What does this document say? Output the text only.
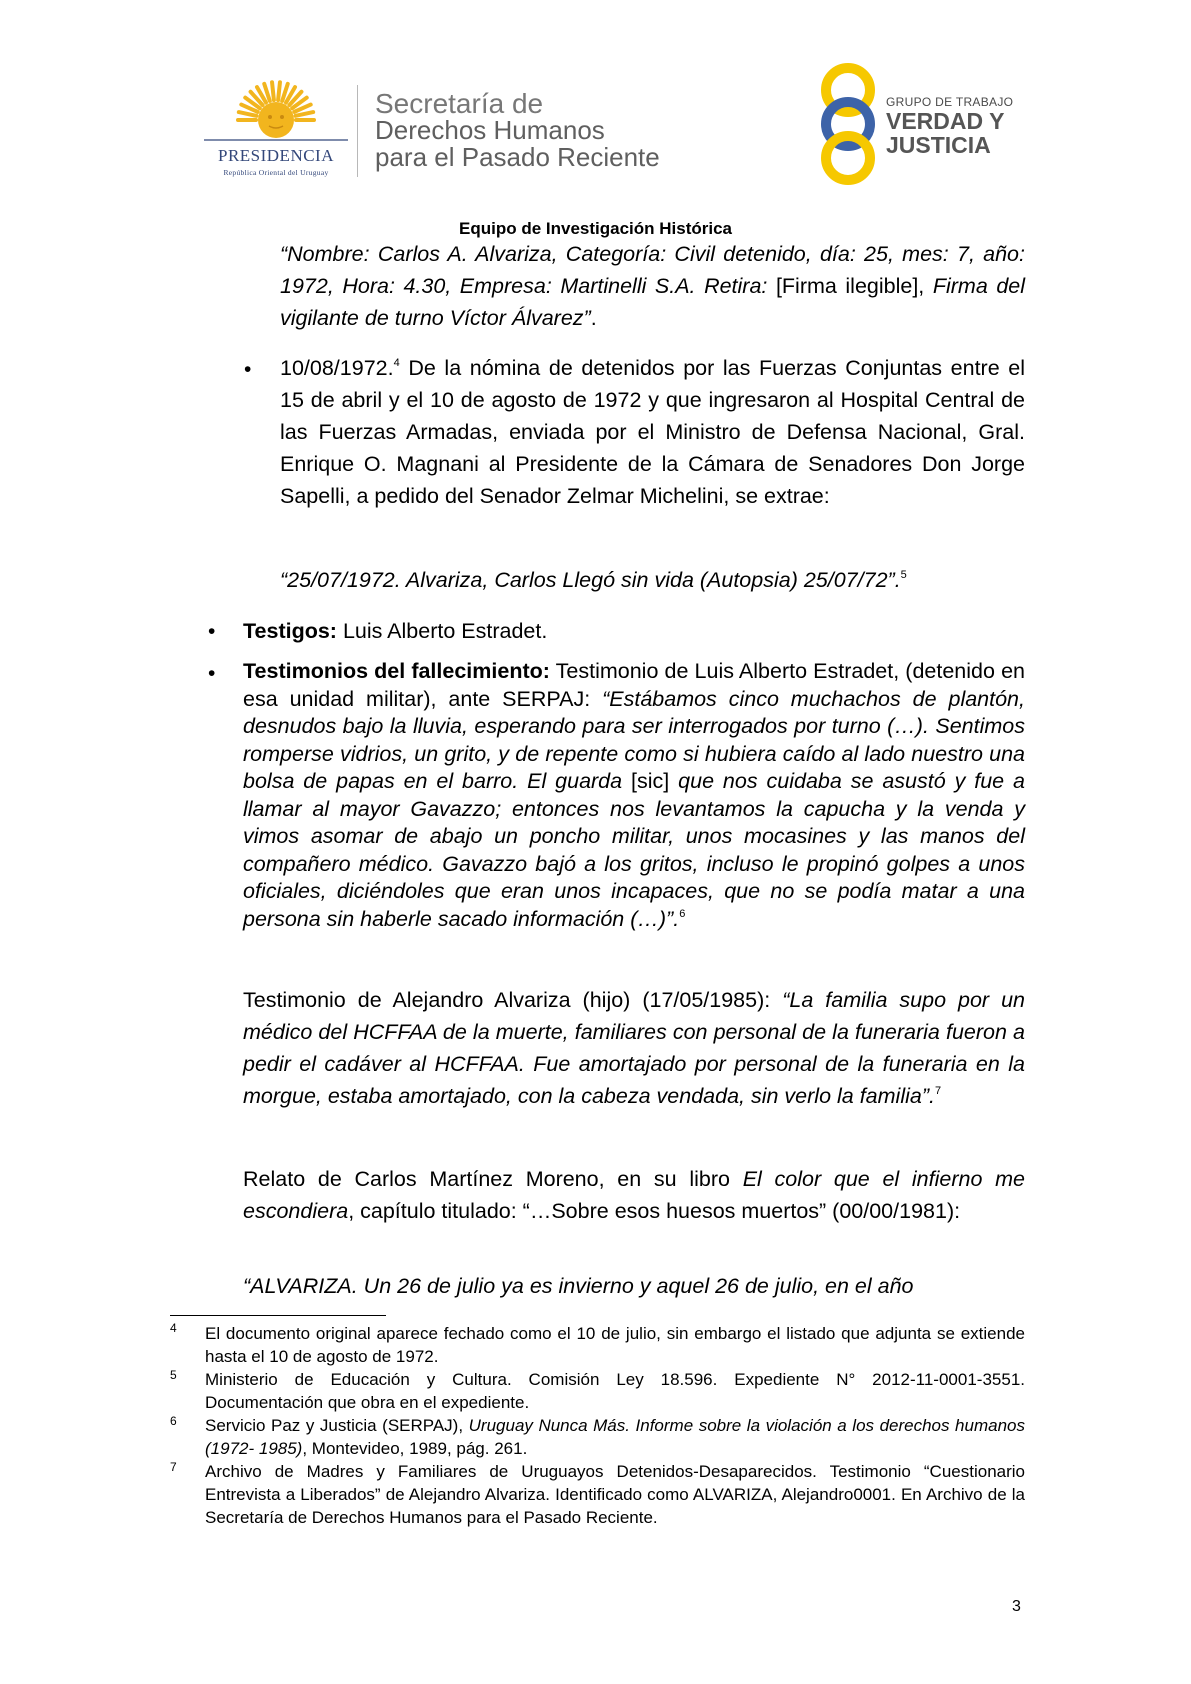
PRESIDENCIA
República Oriental del Uruguay
Secretaría de
Derechos Humanos
para el Pasado Reciente
GRUPO DE TRABAJO
VERDAD Y
JUSTICIA
Equipo de Investigación Histórica
“Nombre: Carlos A. Alvariza, Categoría: Civil detenido, día: 25, mes: 7, año: 1972, Hora: 4.30, Empresa: Martinelli S.A. Retira: [Firma ilegible], Firma del vigilante de turno Víctor Álvarez”.
• 10/08/1972.$^4$ De la nómina de detenidos por las Fuerzas Conjuntas entre el 15 de abril y el 10 de agosto de 1972 y que ingresaron al Hospital Central de las Fuerzas Armadas, enviada por el Ministro de Defensa Nacional, Gral. Enrique O. Magnani al Presidente de la Cámara de Senadores Don Jorge Sapelli, a pedido del Senador Zelmar Michelini, se extrae:
“25/07/1972. Alvariza, Carlos Llegó sin vida (Autopsia) 25/07/72”.$^5$
• Testigos: Luis Alberto Estradet.
• Testimonios del fallecimiento: Testimonio de Luis Alberto Estradet, (detenido en esa unidad militar), ante SERPAJ: “Estábamos cinco muchachos de plantón, desnudos bajo la lluvia, esperando para ser interrogados por turno (…). Sentimos romperse vidrios, un grito, y de repente como si hubiera caído al lado nuestro una bolsa de papas en el barro. El guarda [sic] que nos cuidaba se asustó y fue a llamar al mayor Gavazzo; entonces nos levantamos la capucha y la venda y vimos asomar de abajo un poncho militar, unos mocasines y las manos del compañero médico. Gavazzo bajó a los gritos, incluso le propinó golpes a unos oficiales, diciéndoles que eran unos incapaces, que no se podía matar a una persona sin haberle sacado información (…)”.$^6$
Testimonio de Alejandro Alvariza (hijo) (17/05/1985): “La familia supo por un médico del HCFFAA de la muerte, familiares con personal de la funeraria fueron a pedir el cadáver al HCFFAA. Fue amortajado por personal de la funeraria en la morgue, estaba amortajado, con la cabeza vendada, sin verlo la familia”.$^7$
Relato de Carlos Martínez Moreno, en su libro El color que el infierno me escondiera, capítulo titulado: “…Sobre esos huesos muertos” (00/00/1981):
“ALVARIZA. Un 26 de julio ya es invierno y aquel 26 de julio, en el año
4 El documento original aparece fechado como el 10 de julio, sin embargo el listado que adjunta se extiende hasta el 10 de agosto de 1972.
5 Ministerio de Educación y Cultura. Comisión Ley 18.596. Expediente N° 2012-11-0001-3551. Documentación que obra en el expediente.
6 Servicio Paz y Justicia (SERPAJ), Uruguay Nunca Más. Informe sobre la violación a los derechos humanos (1972- 1985), Montevideo, 1989, pág. 261.
7 Archivo de Madres y Familiares de Uruguayos Detenidos-Desaparecidos. Testimonio “Cuestionario Entrevista a Liberados” de Alejandro Alvariza. Identificado como ALVARIZA, Alejandro0001. En Archivo de la Secretaría de Derechos Humanos para el Pasado Reciente.
3
